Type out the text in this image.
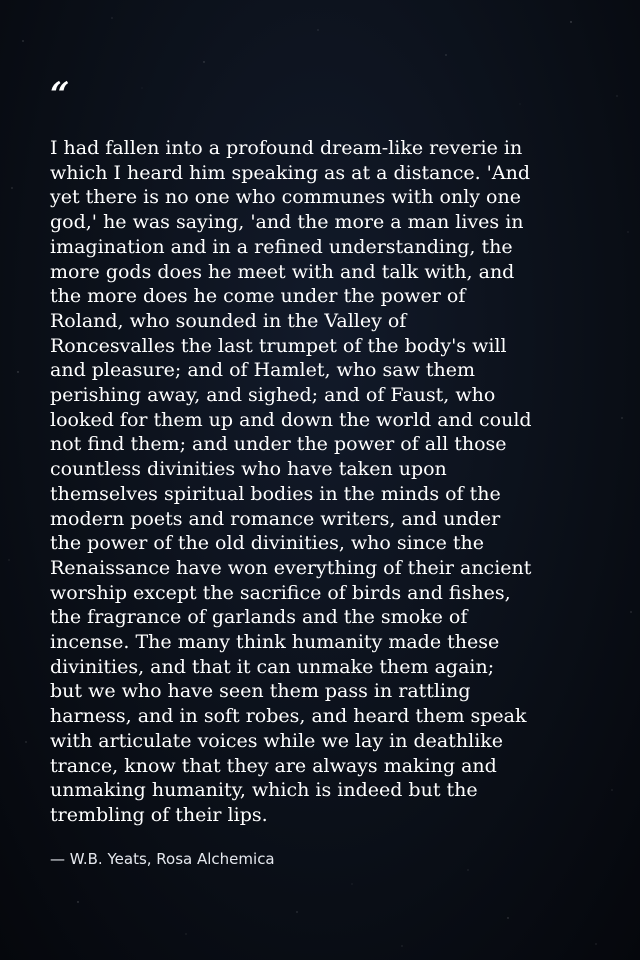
“
I had fallen into a profound dream-like reverie in
which I heard him speaking as at a distance. 'And
yet there is no one who communes with only one
god,' he was saying, 'and the more a man lives in
imagination and in a refined understanding, the
more gods does he meet with and talk with, and
the more does he come under the power of
Roland, who sounded in the Valley of
Roncesvalles the last trumpet of the body's will
and pleasure; and of Hamlet, who saw them
perishing away, and sighed; and of Faust, who
looked for them up and down the world and could
not find them; and under the power of all those
countless divinities who have taken upon
themselves spiritual bodies in the minds of the
modern poets and romance writers, and under
the power of the old divinities, who since the
Renaissance have won everything of their ancient
worship except the sacrifice of birds and fishes,
the fragrance of garlands and the smoke of
incense. The many think humanity made these
divinities, and that it can unmake them again;
but we who have seen them pass in rattling
harness, and in soft robes, and heard them speak
with articulate voices while we lay in deathlike
trance, know that they are always making and
unmaking humanity, which is indeed but the
trembling of their lips.
— W.B. Yeats, Rosa Alchemica
